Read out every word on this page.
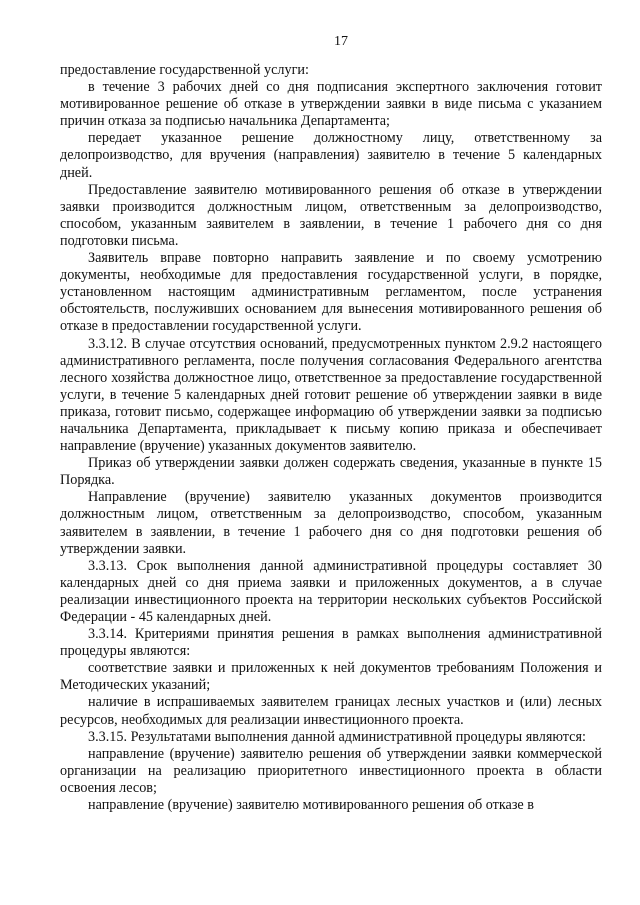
17

предоставление государственной услуги:

в течение 3 рабочих дней со дня подписания экспертного заключения готовит мотивированное решение об отказе в утверждении заявки в виде письма с указанием причин отказа за подписью начальника Департамента;

передает указанное решение должностному лицу, ответственному за делопроизводство, для вручения (направления) заявителю в течение 5 календарных дней.

Предоставление заявителю мотивированного решения об отказе в утверждении заявки производится должностным лицом, ответственным за делопроизводство, способом, указанным заявителем в заявлении, в течение 1 рабочего дня со дня подготовки письма.

Заявитель вправе повторно направить заявление и по своему усмотрению документы, необходимые для предоставления государственной услуги, в порядке, установленном настоящим административным регламентом, после устранения обстоятельств, послуживших основанием для вынесения мотивированного решения об отказе в предоставлении государственной услуги.

3.3.12. В случае отсутствия оснований, предусмотренных пунктом 2.9.2 настоящего административного регламента, после получения согласования Федерального агентства лесного хозяйства должностное лицо, ответственное за предоставление государственной услуги, в течение 5 календарных дней готовит решение об утверждении заявки в виде приказа, готовит письмо, содержащее информацию об утверждении заявки за подписью начальника Департамента, прикладывает к письму копию приказа и обеспечивает направление (вручение) указанных документов заявителю.

Приказ об утверждении заявки должен содержать сведения, указанные в пункте 15 Порядка.

Направление (вручение) заявителю указанных документов производится должностным лицом, ответственным за делопроизводство, способом, указанным заявителем в заявлении, в течение 1 рабочего дня со дня подготовки решения об утверждении заявки.

3.3.13. Срок выполнения данной административной процедуры составляет 30 календарных дней со дня приема заявки и приложенных документов, а в случае реализации инвестиционного проекта на территории нескольких субъектов Российской Федерации - 45 календарных дней.

3.3.14. Критериями принятия решения в рамках выполнения административной процедуры являются:

соответствие заявки и приложенных к ней документов требованиям Положения и Методических указаний;

наличие в испрашиваемых заявителем границах лесных участков и (или) лесных ресурсов, необходимых для реализации инвестиционного проекта.

3.3.15. Результатами выполнения данной административной процедуры являются:

направление (вручение) заявителю решения об утверждении заявки коммерческой организации на реализацию приоритетного инвестиционного проекта в области освоения лесов;

направление (вручение) заявителю мотивированного решения об отказе в
